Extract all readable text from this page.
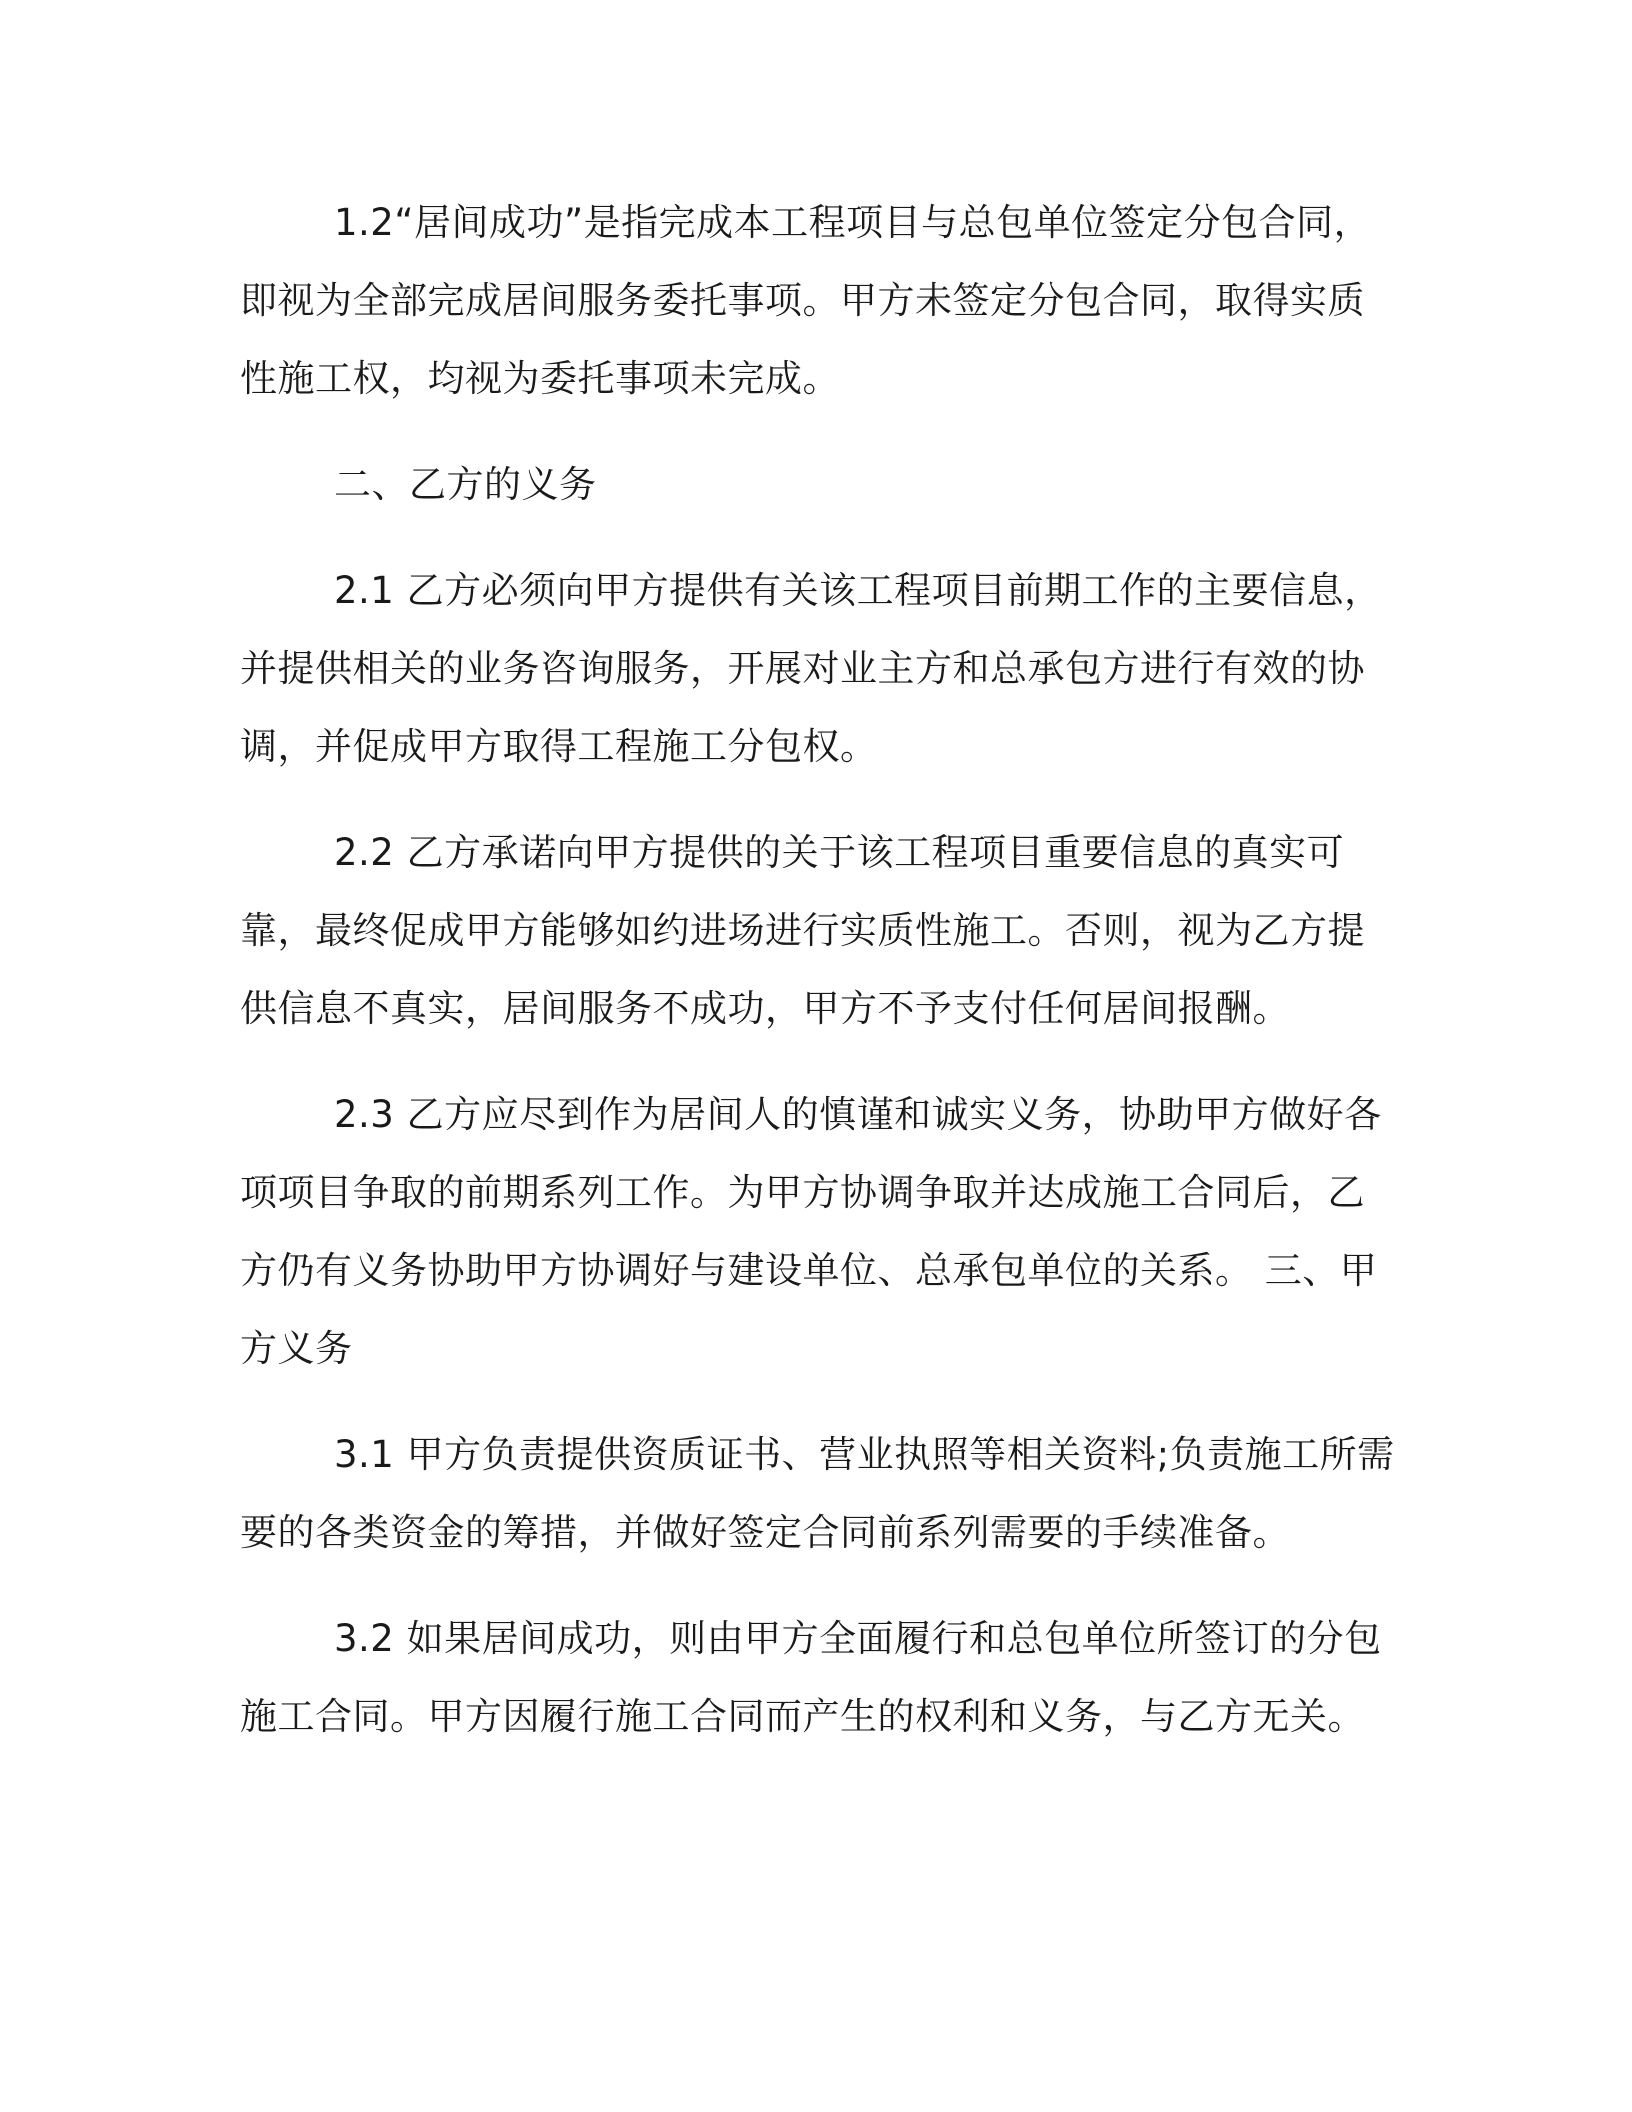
1.2“居间成功”是指完成本工程项目与总包单位签定分包合同，即视为全部完成居间服务委托事项。甲方未签定分包合同，取得实质性施工权，均视为委托事项未完成。

二、乙方的义务

2.1 乙方必须向甲方提供有关该工程项目前期工作的主要信息，并提供相关的业务咨询服务，开展对业主方和总承包方进行有效的协调，并促成甲方取得工程施工分包权。

2.2 乙方承诺向甲方提供的关于该工程项目重要信息的真实可靠，最终促成甲方能够如约进场进行实质性施工。否则，视为乙方提供信息不真实，居间服务不成功，甲方不予支付任何居间报酬。

2.3 乙方应尽到作为居间人的慎谨和诚实义务，协助甲方做好各项项目争取的前期系列工作。为甲方协调争取并达成施工合同后，乙方仍有义务协助甲方协调好与建设单位、总承包单位的关系。 三、甲方义务

3.1 甲方负责提供资质证书、营业执照等相关资料;负责施工所需要的各类资金的筹措，并做好签定合同前系列需要的手续准备。

3.2 如果居间成功，则由甲方全面履行和总包单位所签订的分包施工合同。甲方因履行施工合同而产生的权利和义务，与乙方无关。
